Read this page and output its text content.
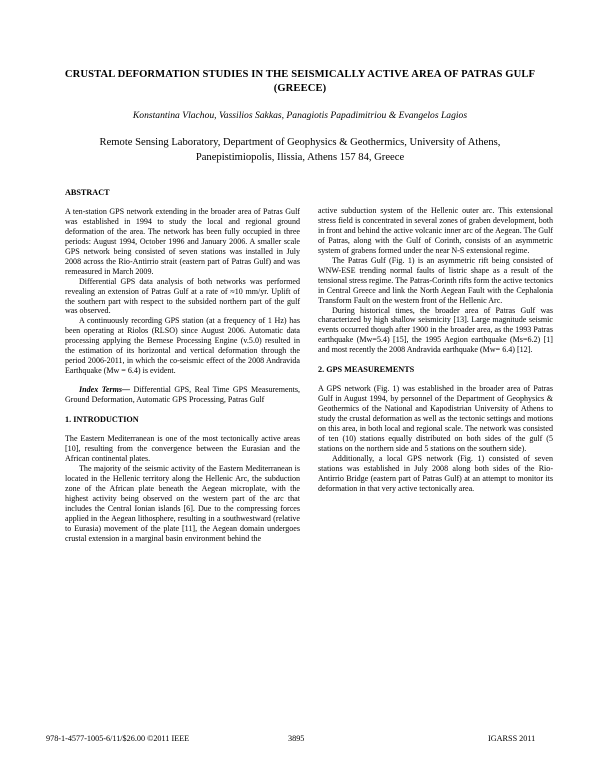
CRUSTAL DEFORMATION STUDIES IN THE SEISMICALLY ACTIVE AREA OF PATRAS GULF (GREECE)
Konstantina Vlachou, Vassilios Sakkas, Panagiotis Papadimitriou & Evangelos Lagios
Remote Sensing Laboratory, Department of Geophysics & Geothermics, University of Athens,
Panepistimiopolis, Ilissia, Athens 157 84, Greece

ABSTRACT

A ten-station GPS network extending in the broader area of Patras Gulf was established in 1994 to study the local and regional ground deformation of the area. The network has been fully occupied in three periods: August 1994, October 1996 and January 2006. A smaller scale GPS network being consisted of seven stations was installed in July 2008 across the Rio-Antirrio strait (eastern part of Patras Gulf) and was remeasured in March 2009.

Differential GPS data analysis of both networks was performed revealing an extension of Patras Gulf at a rate of ≈10 mm/yr. Uplift of the southern part with respect to the subsided northern part of the gulf was observed.

A continuously recording GPS station (at a frequency of 1 Hz) has been operating at Riolos (RLSO) since August 2006. Automatic data processing applying the Bernese Processing Engine (v.5.0) resulted in the estimation of its horizontal and vertical deformation through the period 2006-2011, in which the co-seismic effect of the 2008 Andravida Earthquake (Mw = 6.4) is evident.

Index Terms— Differential GPS, Real Time GPS Measurements, Ground Deformation, Automatic GPS Processing, Patras Gulf

1. INTRODUCTION

The Eastern Mediterranean is one of the most tectonically active areas [10], resulting from the convergence between the Eurasian and the African continental plates.

The majority of the seismic activity of the Eastern Mediterranean is located in the Hellenic territory along the Hellenic Arc, the subduction zone of the African plate beneath the Aegean microplate, with the highest activity being observed on the western part of the arc that includes the Central Ionian islands [6]. Due to the compressing forces applied in the Aegean lithosphere, resulting in a southwestward (relative to Eurasia) movement of the plate [11], the Aegean domain undergoes crustal extension in a marginal basin environment behind the

active subduction system of the Hellenic outer arc. This extensional stress field is concentrated in several zones of graben development, both in front and behind the active volcanic inner arc of the Aegean. The Gulf of Patras, along with the Gulf of Corinth, consists of an asymmetric system of grabens formed under the near N-S extensional regime.

The Patras Gulf (Fig. 1) is an asymmetric rift being consisted of WNW-ESE trending normal faults of listric shape as a result of the tensional stress regime. The Patras-Corinth rifts form the active tectonics in Central Greece and link the North Aegean Fault with the Cephalonia Transform Fault on the western front of the Hellenic Arc.

During historical times, the broader area of Patras Gulf was characterized by high shallow seismicity [13]. Large magnitude seismic events occurred though after 1900 in the broader area, as the 1993 Patras earthquake (Mw=5.4) [15], the 1995 Aegion earthquake (Ms=6.2) [1] and most recently the 2008 Andravida earthquake (Mw= 6.4) [12].

2. GPS MEASUREMENTS

A GPS network (Fig. 1) was established in the broader area of Patras Gulf in August 1994, by personnel of the Department of Geophysics & Geothermics of the National and Kapodistrian University of Athens to study the crustal deformation as well as the tectonic settings and motions on this area, in both local and regional scale. The network was consisted of ten (10) stations equally distributed on both sides of the gulf (5 stations on the northern side and 5 stations on the southern side).

Additionally, a local GPS network (Fig. 1) consisted of seven stations was established in July 2008 along both sides of the Rio-Antirrio Bridge (eastern part of Patras Gulf) at an attempt to monitor its deformation in that very active tectonically area.

978-1-4577-1005-6/11/$26.00 ©2011 IEEE	3895	IGARSS 2011
